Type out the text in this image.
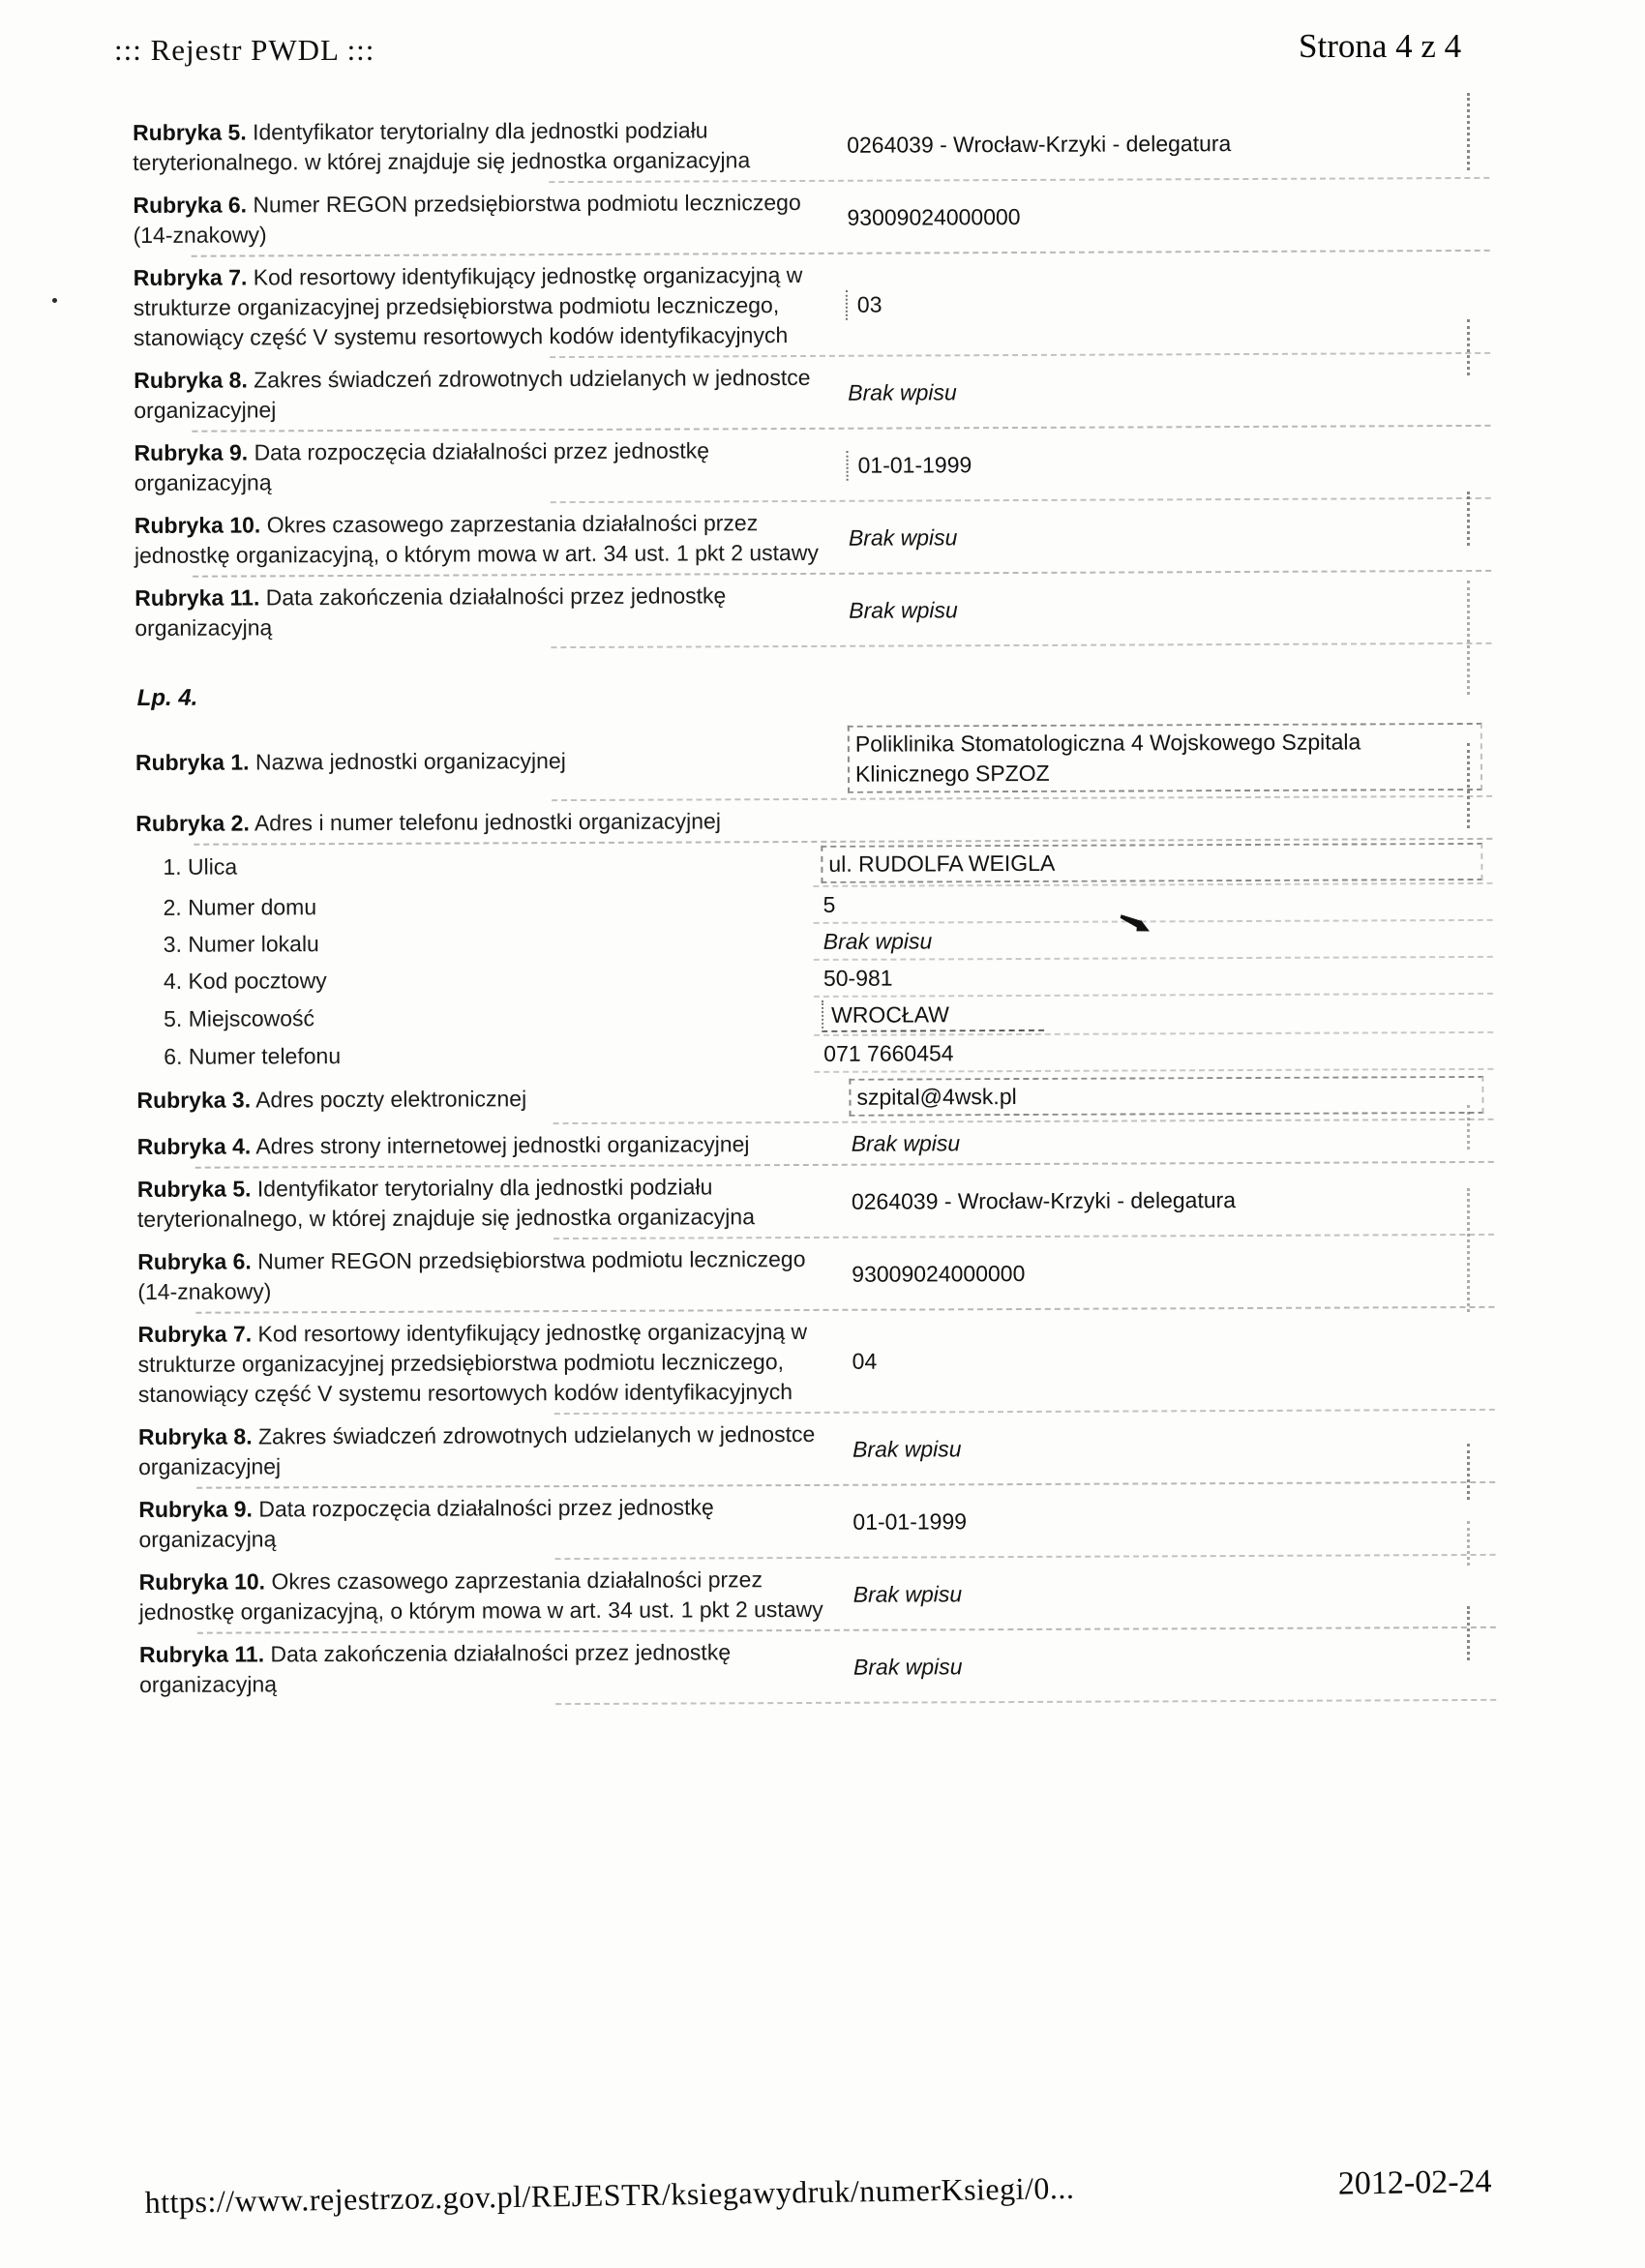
::: Rejestr PWDL :::	Strona 4 z 4
Rubryka 5. Identyfikator terytorialny dla jednostki podziału teryterionalnego. w której znajduje się jednostka organizacyjna
0264039 - Wrocław-Krzyki - delegatura
Rubryka 6. Numer REGON przedsiębiorstwa podmiotu leczniczego (14-znakowy)
93009024000000
Rubryka 7. Kod resortowy identyfikujący jednostkę organizacyjną w strukturze organizacyjnej przedsiębiorstwa podmiotu leczniczego, stanowiący część V systemu resortowych kodów identyfikacyjnych
03
Rubryka 8. Zakres świadczeń zdrowotnych udzielanych w jednostce organizacyjnej
Brak wpisu
Rubryka 9. Data rozpoczęcia działalności przez jednostkę organizacyjną
01-01-1999
Rubryka 10. Okres czasowego zaprzestania działalności przez jednostkę organizacyjną, o którym mowa w art. 34 ust. 1 pkt 2 ustawy
Brak wpisu
Rubryka 11. Data zakończenia działalności przez jednostkę organizacyjną
Brak wpisu
Lp. 4.
Rubryka 1. Nazwa jednostki organizacyjnej
Poliklinika Stomatologiczna 4 Wojskowego Szpitala Klinicznego SPZOZ
Rubryka 2. Adres i numer telefonu jednostki organizacyjnej
1. Ulica	ul. RUDOLFA WEIGLA
2. Numer domu	5
3. Numer lokalu	Brak wpisu
4. Kod pocztowy	50-981
5. Miejscowość	WROCŁAW
6. Numer telefonu	071 7660454
Rubryka 3. Adres poczty elektronicznej	szpital@4wsk.pl
Rubryka 4. Adres strony internetowej jednostki organizacyjnej	Brak wpisu
Rubryka 5. Identyfikator terytorialny dla jednostki podziału teryterionalnego, w której znajduje się jednostka organizacyjna
0264039 - Wrocław-Krzyki - delegatura
Rubryka 6. Numer REGON przedsiębiorstwa podmiotu leczniczego (14-znakowy)
93009024000000
Rubryka 7. Kod resortowy identyfikujący jednostkę organizacyjną w strukturze organizacyjnej przedsiębiorstwa podmiotu leczniczego, stanowiący część V systemu resortowych kodów identyfikacyjnych
04
Rubryka 8. Zakres świadczeń zdrowotnych udzielanych w jednostce organizacyjnej
Brak wpisu
Rubryka 9. Data rozpoczęcia działalności przez jednostkę organizacyjną
01-01-1999
Rubryka 10. Okres czasowego zaprzestania działalności przez jednostkę organizacyjną, o którym mowa w art. 34 ust. 1 pkt 2 ustawy
Brak wpisu
Rubryka 11. Data zakończenia działalności przez jednostkę organizacyjną
Brak wpisu
https://www.rejestrzoz.gov.pl/REJESTR/ksiegawydruk/numerKsiegi/0...	2012-02-24
